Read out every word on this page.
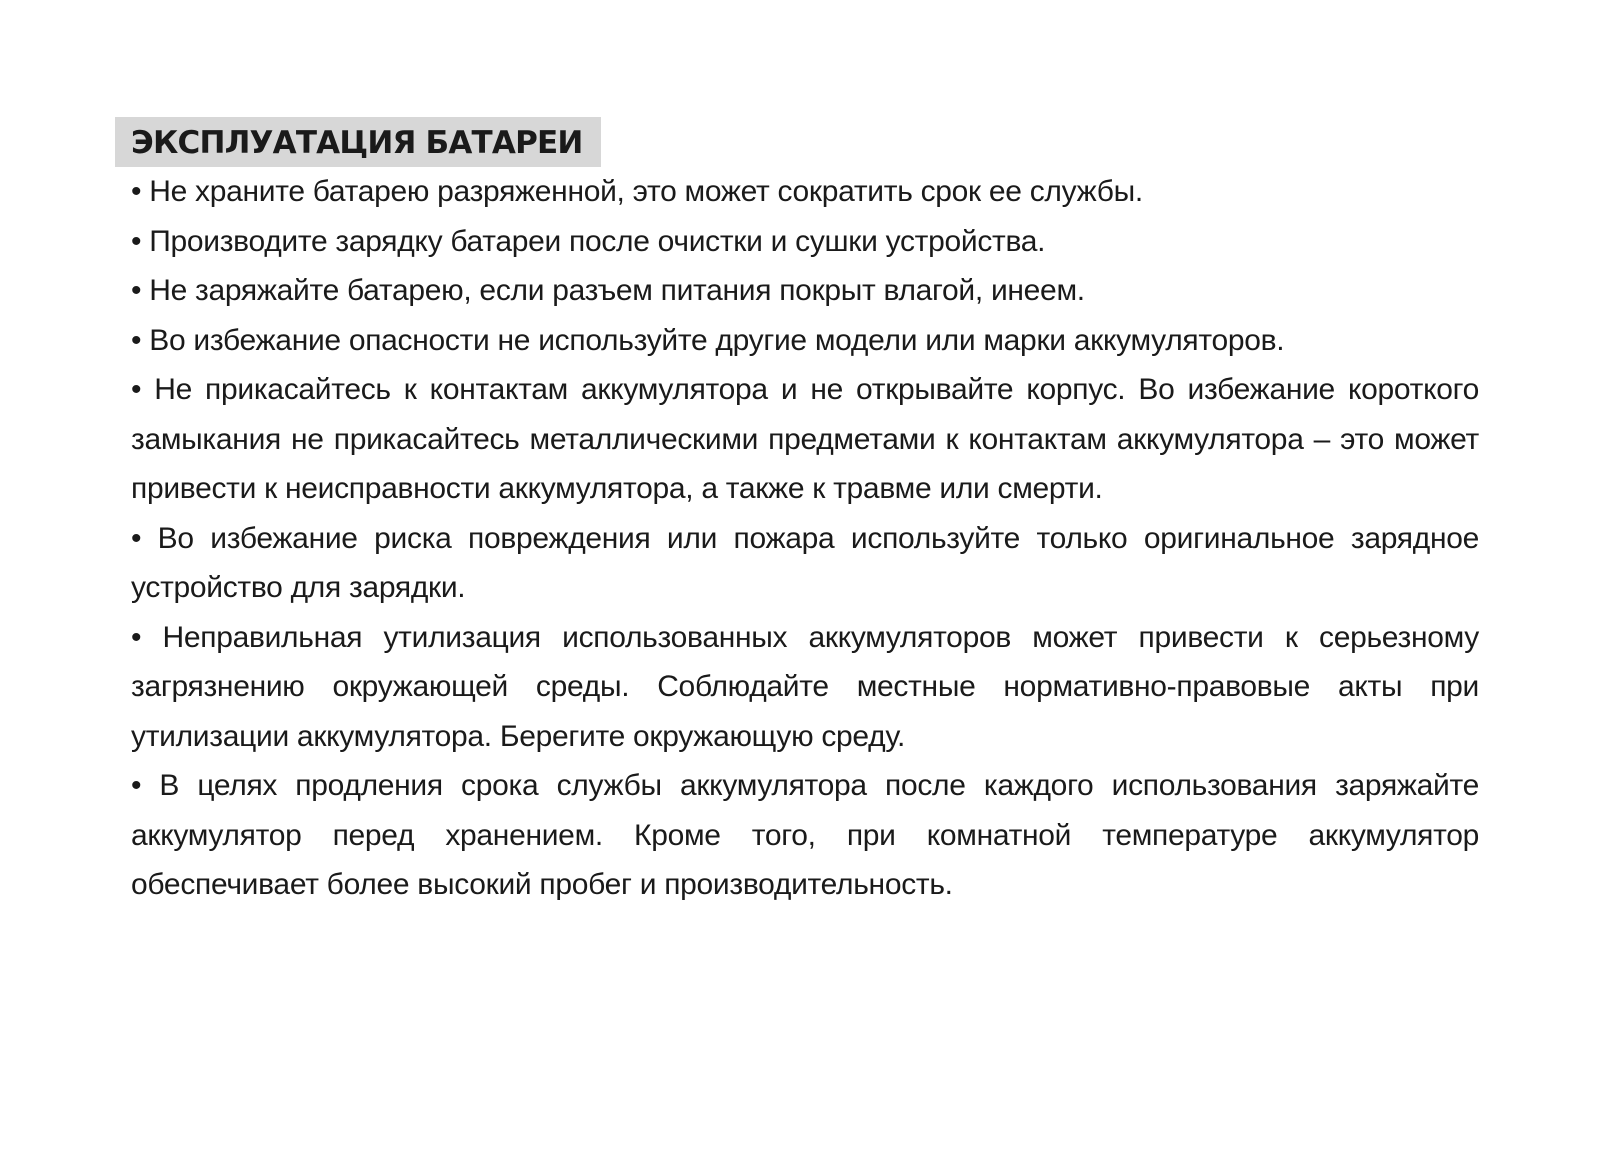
ЭКСПЛУАТАЦИЯ БАТАРЕИ

• Не храните батарею разряженной, это может сократить срок ее службы.

• Производите зарядку батареи после очистки и сушки устройства.

• Не заряжайте батарею, если разъем питания покрыт влагой, инеем.

• Во избежание опасности не используйте другие модели или марки аккумуляторов.

• Не прикасайтесь к контактам аккумулятора и не открывайте корпус. Во избежание короткого замыкания не прикасайтесь металлическими предметами к контактам аккумулятора – это может привести к неисправности аккумулятора, а также к травме или смерти.

• Во избежание риска повреждения или пожара используйте только оригинальное зарядное устройство для зарядки.

• Неправильная утилизация использованных аккумуляторов может привести к серьезному загрязнению окружающей среды. Соблюдайте местные нормативно-правовые акты при утилизации аккумулятора. Берегите окружающую среду.

• В целях продления срока службы аккумулятора после каждого использования заряжайте аккумулятор перед хранением. Кроме того, при комнатной температуре аккумулятор обеспечивает более высокий пробег и производительность.
